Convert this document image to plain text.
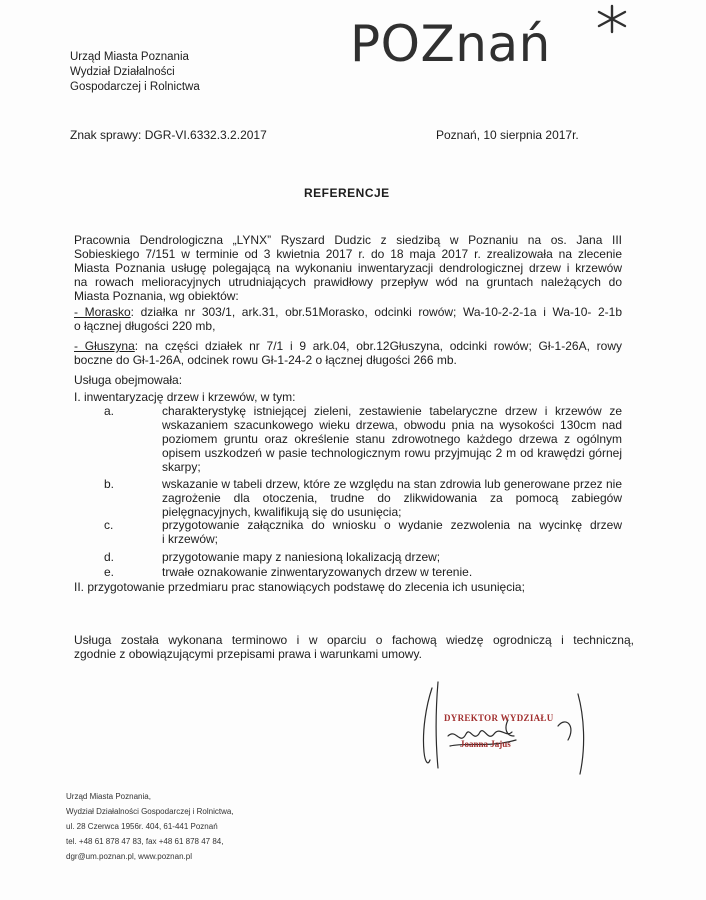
POZnań
Urząd Miasta Poznania
Wydział Działalności
Gospodarczej i Rolnictwa
Znak sprawy: DGR-VI.6332.3.2.2017	Poznań, 10 sierpnia 2017r.
REFERENCJE
Pracownia Dendrologiczna „LYNX” Ryszard Dudzic z siedzibą w Poznaniu na os. Jana III
Sobieskiego 7/151 w terminie od 3 kwietnia 2017 r. do 18 maja 2017 r. zrealizowała na zlecenie
Miasta Poznania usługę polegającą na wykonaniu inwentaryzacji dendrologicznej drzew i krzewów
na rowach melioracyjnych utrudniających prawidłowy przepływ wód na gruntach należących do
Miasta Poznania, wg obiektów:
- Morasko: działka nr 303/1, ark.31, obr.51Morasko, odcinki rowów; Wa-10-2-2-1a i Wa-10- 2-1b
o łącznej długości 220 mb,
- Głuszyna: na części działek nr 7/1 i 9 ark.04, obr.12Głuszyna, odcinki rowów; Gł-1-26A, rowy
boczne do Gł-1-26A, odcinek rowu Gł-1-24-2 o łącznej długości 266 mb.
Usługa obejmowała:
I. inwentaryzację drzew i krzewów, w tym:
a.	charakterystykę istniejącej zieleni, zestawienie tabelaryczne drzew i krzewów ze
wskazaniem szacunkowego wieku drzewa, obwodu pnia na wysokości 130cm nad
poziomem gruntu oraz określenie stanu zdrowotnego każdego drzewa z ogólnym
opisem uszkodzeń w pasie technologicznym rowu przyjmując 2 m od krawędzi górnej
skarpy;
b.	wskazanie w tabeli drzew, które ze względu na stan zdrowia lub generowane przez nie
zagrożenie dla otoczenia, trudne do zlikwidowania za pomocą zabiegów
pielęgnacyjnych, kwalifikują się do usunięcia;
c.	przygotowanie załącznika do wniosku o wydanie zezwolenia na wycinkę drzew
i krzewów;
d.	przygotowanie mapy z naniesioną lokalizacją drzew;
e.	trwałe oznakowanie zinwentaryzowanych drzew w terenie.
II. przygotowanie przedmiaru prac stanowiących podstawę do zlecenia ich usunięcia;
Usługa została wykonana terminowo i w oparciu o fachową wiedzę ogrodniczą i techniczną,
zgodnie z obowiązującymi przepisami prawa i warunkami umowy.
DYREKTOR WYDZIAŁU
Joanna Jajus
Urząd Miasta Poznania,
Wydział Działalności Gospodarczej i Rolnictwa,
ul. 28 Czerwca 1956r. 404, 61-441 Poznań
tel. +48 61 878 47 83, fax +48 61 878 47 84,
dgr@um.poznan.pl, www.poznan.pl
